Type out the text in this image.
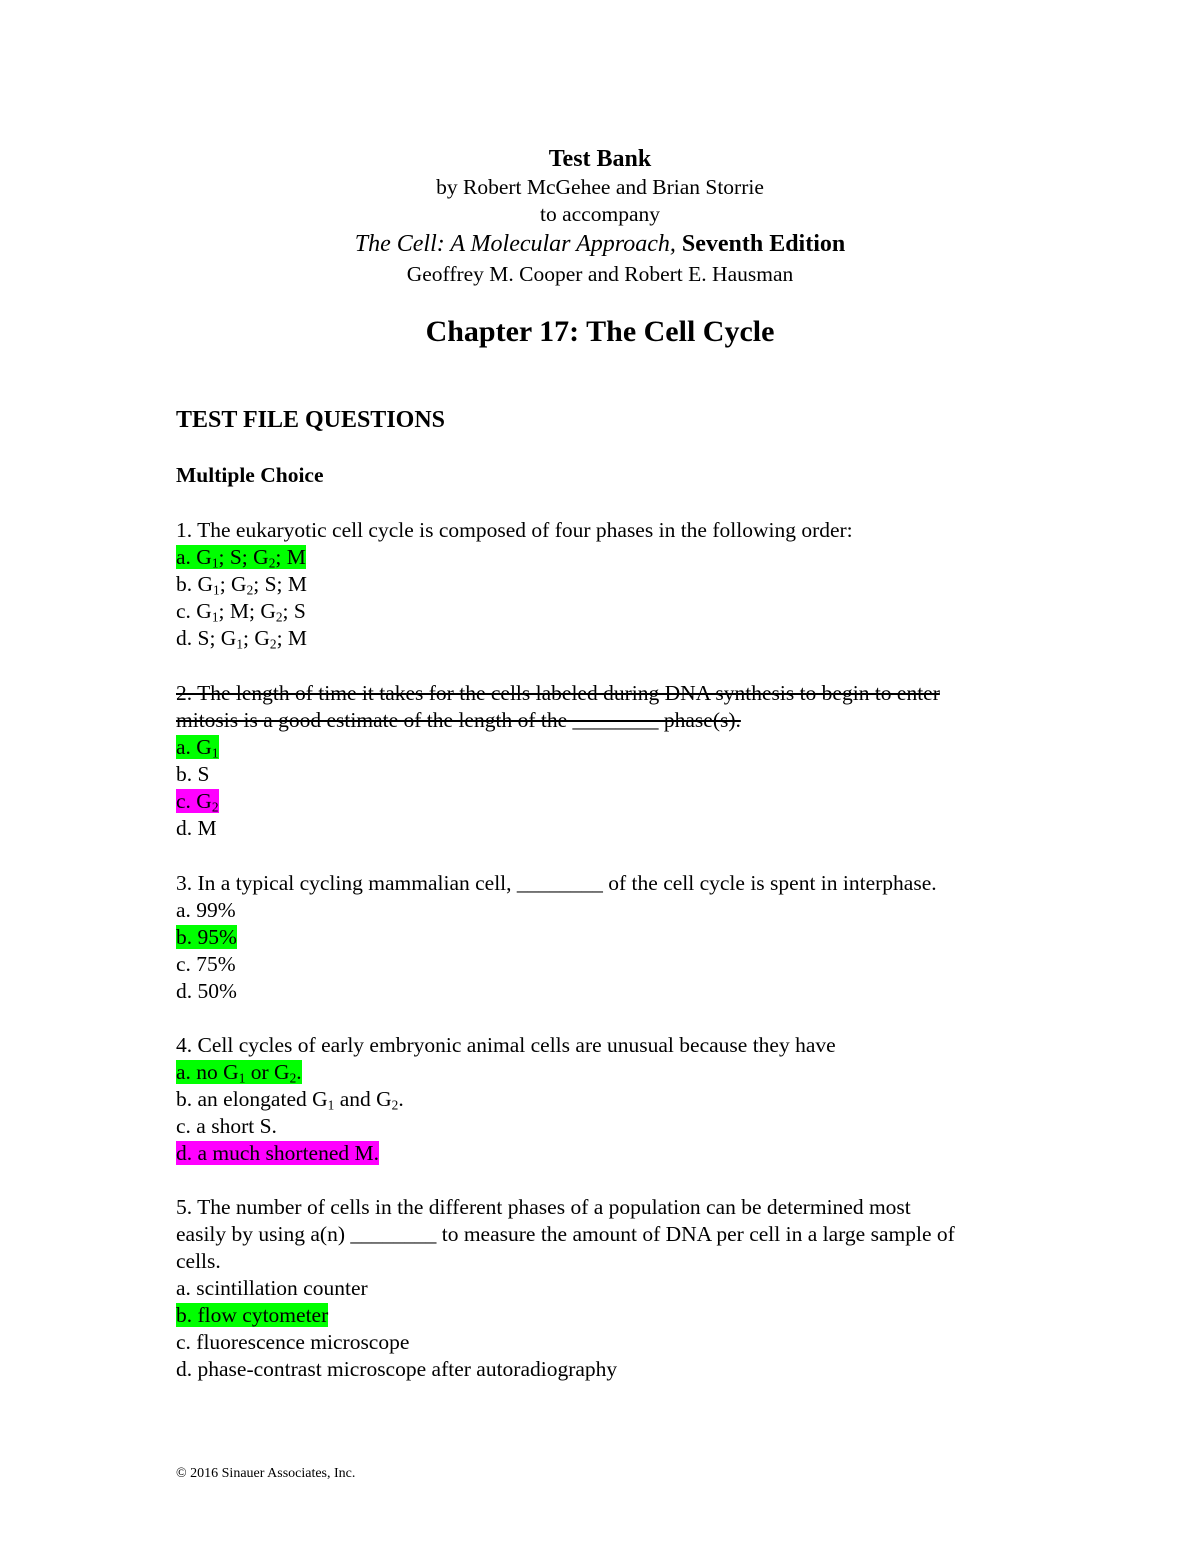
Test Bank
by Robert McGehee and Brian Storrie
to accompany
The Cell: A Molecular Approach, Seventh Edition
Geoffrey M. Cooper and Robert E. Hausman
Chapter 17: The Cell Cycle
TEST FILE QUESTIONS
Multiple Choice
1. The eukaryotic cell cycle is composed of four phases in the following order:
a. $G_1$; S; $G_2$; M
b. $G_1$; $G_2$; S; M
c. $G_1$; M; $G_2$; S
d. S; $G_1$; $G_2$; M
2. The length of time it takes for the cells labeled during DNA synthesis to begin to enter
mitosis is a good estimate of the length of the ________ phase(s).
a. $G_1$
b. S
c. $G_2$
d. M
3. In a typical cycling mammalian cell, ________ of the cell cycle is spent in interphase.
a. 99%
b. 95%
c. 75%
d. 50%
4. Cell cycles of early embryonic animal cells are unusual because they have
a. no $G_1$ or $G_2$.
b. an elongated $G_1$ and $G_2$.
c. a short S.
d. a much shortened M.
5. The number of cells in the different phases of a population can be determined most
easily by using a(n) ________ to measure the amount of DNA per cell in a large sample of
cells.
a. scintillation counter
b. flow cytometer
c. fluorescence microscope
d. phase-contrast microscope after autoradiography
© 2016 Sinauer Associates, Inc.
